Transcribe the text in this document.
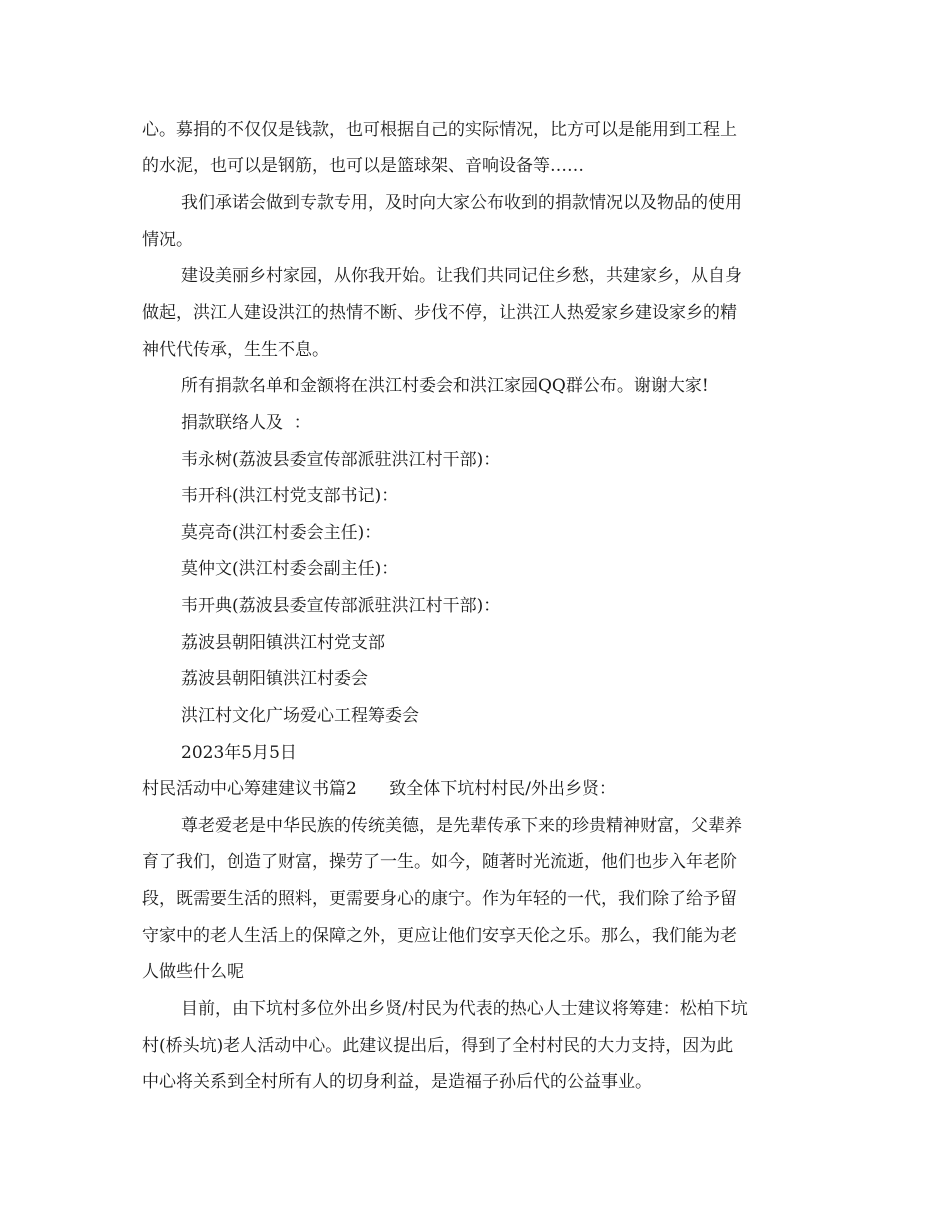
心。募捐的不仅仅是钱款，也可根据自己的实际情况，比方可以是能用到工程上
的水泥，也可以是钢筋，也可以是篮球架、音响设备等……
我们承诺会做到专款专用，及时向大家公布收到的捐款情况以及物品的使用
情况。
建设美丽乡村家园，从你我开始。让我们共同记住乡愁，共建家乡，从自身
做起，洪江人建设洪江的热情不断、步伐不停，让洪江人热爱家乡建设家乡的精
神代代传承，生生不息。
所有捐款名单和金额将在洪江村委会和洪江家园QQ群公布。谢谢大家!
捐款联络人及  ：
韦永树(荔波县委宣传部派驻洪江村干部)：
韦开科(洪江村党支部书记)：
莫亮奇(洪江村委会主任)：
莫仲文(洪江村委会副主任)：
韦开典(荔波县委宣传部派驻洪江村干部)：
荔波县朝阳镇洪江村党支部
荔波县朝阳镇洪江村委会
洪江村文化广场爱心工程筹委会
2023年5月5日
村民活动中心筹建建议书篇2      致全体下坑村村民/外出乡贤：
尊老爱老是中华民族的传统美德，是先辈传承下来的珍贵精神财富，父辈养
育了我们，创造了财富，操劳了一生。如今，随著时光流逝，他们也步入年老阶
段，既需要生活的照料，更需要身心的康宁。作为年轻的一代，我们除了给予留
守家中的老人生活上的保障之外，更应让他们安享天伦之乐。那么，我们能为老
人做些什么呢
目前，由下坑村多位外出乡贤/村民为代表的热心人士建议将筹建：松柏下坑
村(桥头坑)老人活动中心。此建议提出后，得到了全村村民的大力支持，因为此
中心将关系到全村所有人的切身利益，是造福子孙后代的公益事业。
